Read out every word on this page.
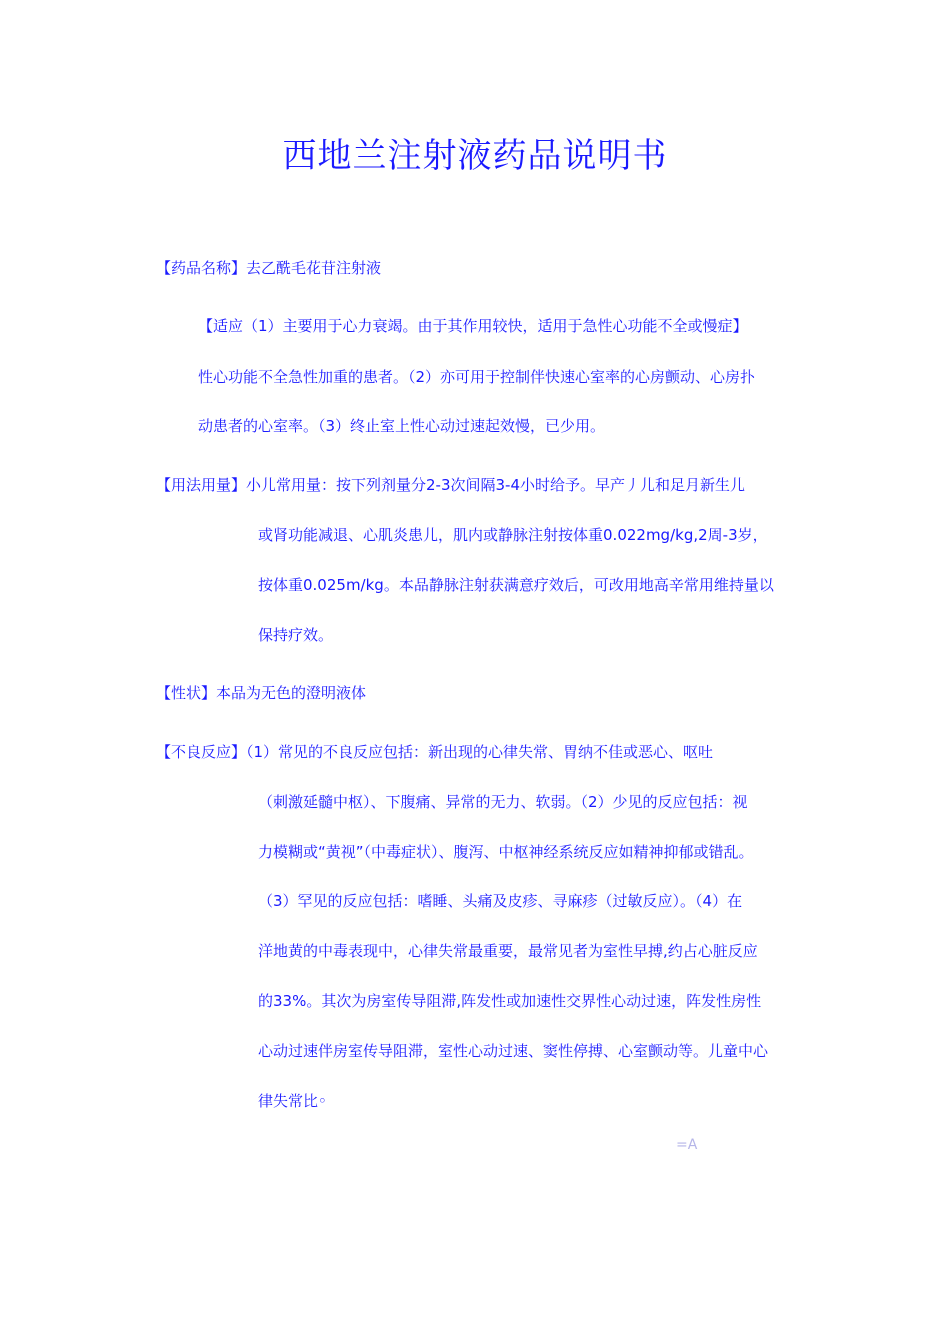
西地兰注射液药品说明书
【药品名称】去乙酰毛花苷注射液
【适应（1）主要用于心力衰竭。由于其作用较快，适用于急性心功能不全或慢症】
性心功能不全急性加重的患者。（2）亦可用于控制伴快速心室率的心房颤动、心房扑
动患者的心室率。（3）终止室上性心动过速起效慢，已少用。
【用法用量】小儿常用量：按下列剂量分2-3次间隔3-4小时给予。早产丿儿和足月新生儿
或肾功能减退、心肌炎患儿，肌内或静脉注射按体重0.022mg/kg,2周-3岁，
按体重0.025m/kg。本品静脉注射获满意疗效后，可改用地高辛常用维持量以
保持疗效。
【性状】本品为无色的澄明液体
【不良反应】（1）常见的不良反应包括：新出现的心律失常、胃纳不佳或恶心、呕吐
（刺激延髓中枢）、下腹痛、异常的无力、软弱。（2）少见的反应包括：视
力模糊或“黄视”（中毒症状）、腹泻、中枢神经系统反应如精神抑郁或错乱。
（3）罕见的反应包括：嗜睡、头痛及皮疹、寻麻疹（过敏反应）。（4）在
洋地黄的中毒表现中，心律失常最重要，最常见者为室性早搏,约占心脏反应
的33%。其次为房室传导阻滞,阵发性或加速性交界性心动过速，阵发性房性
心动过速伴房室传导阻滞，室性心动过速、窦性停搏、心室颤动等。儿童中心
律失常比◦
=A
